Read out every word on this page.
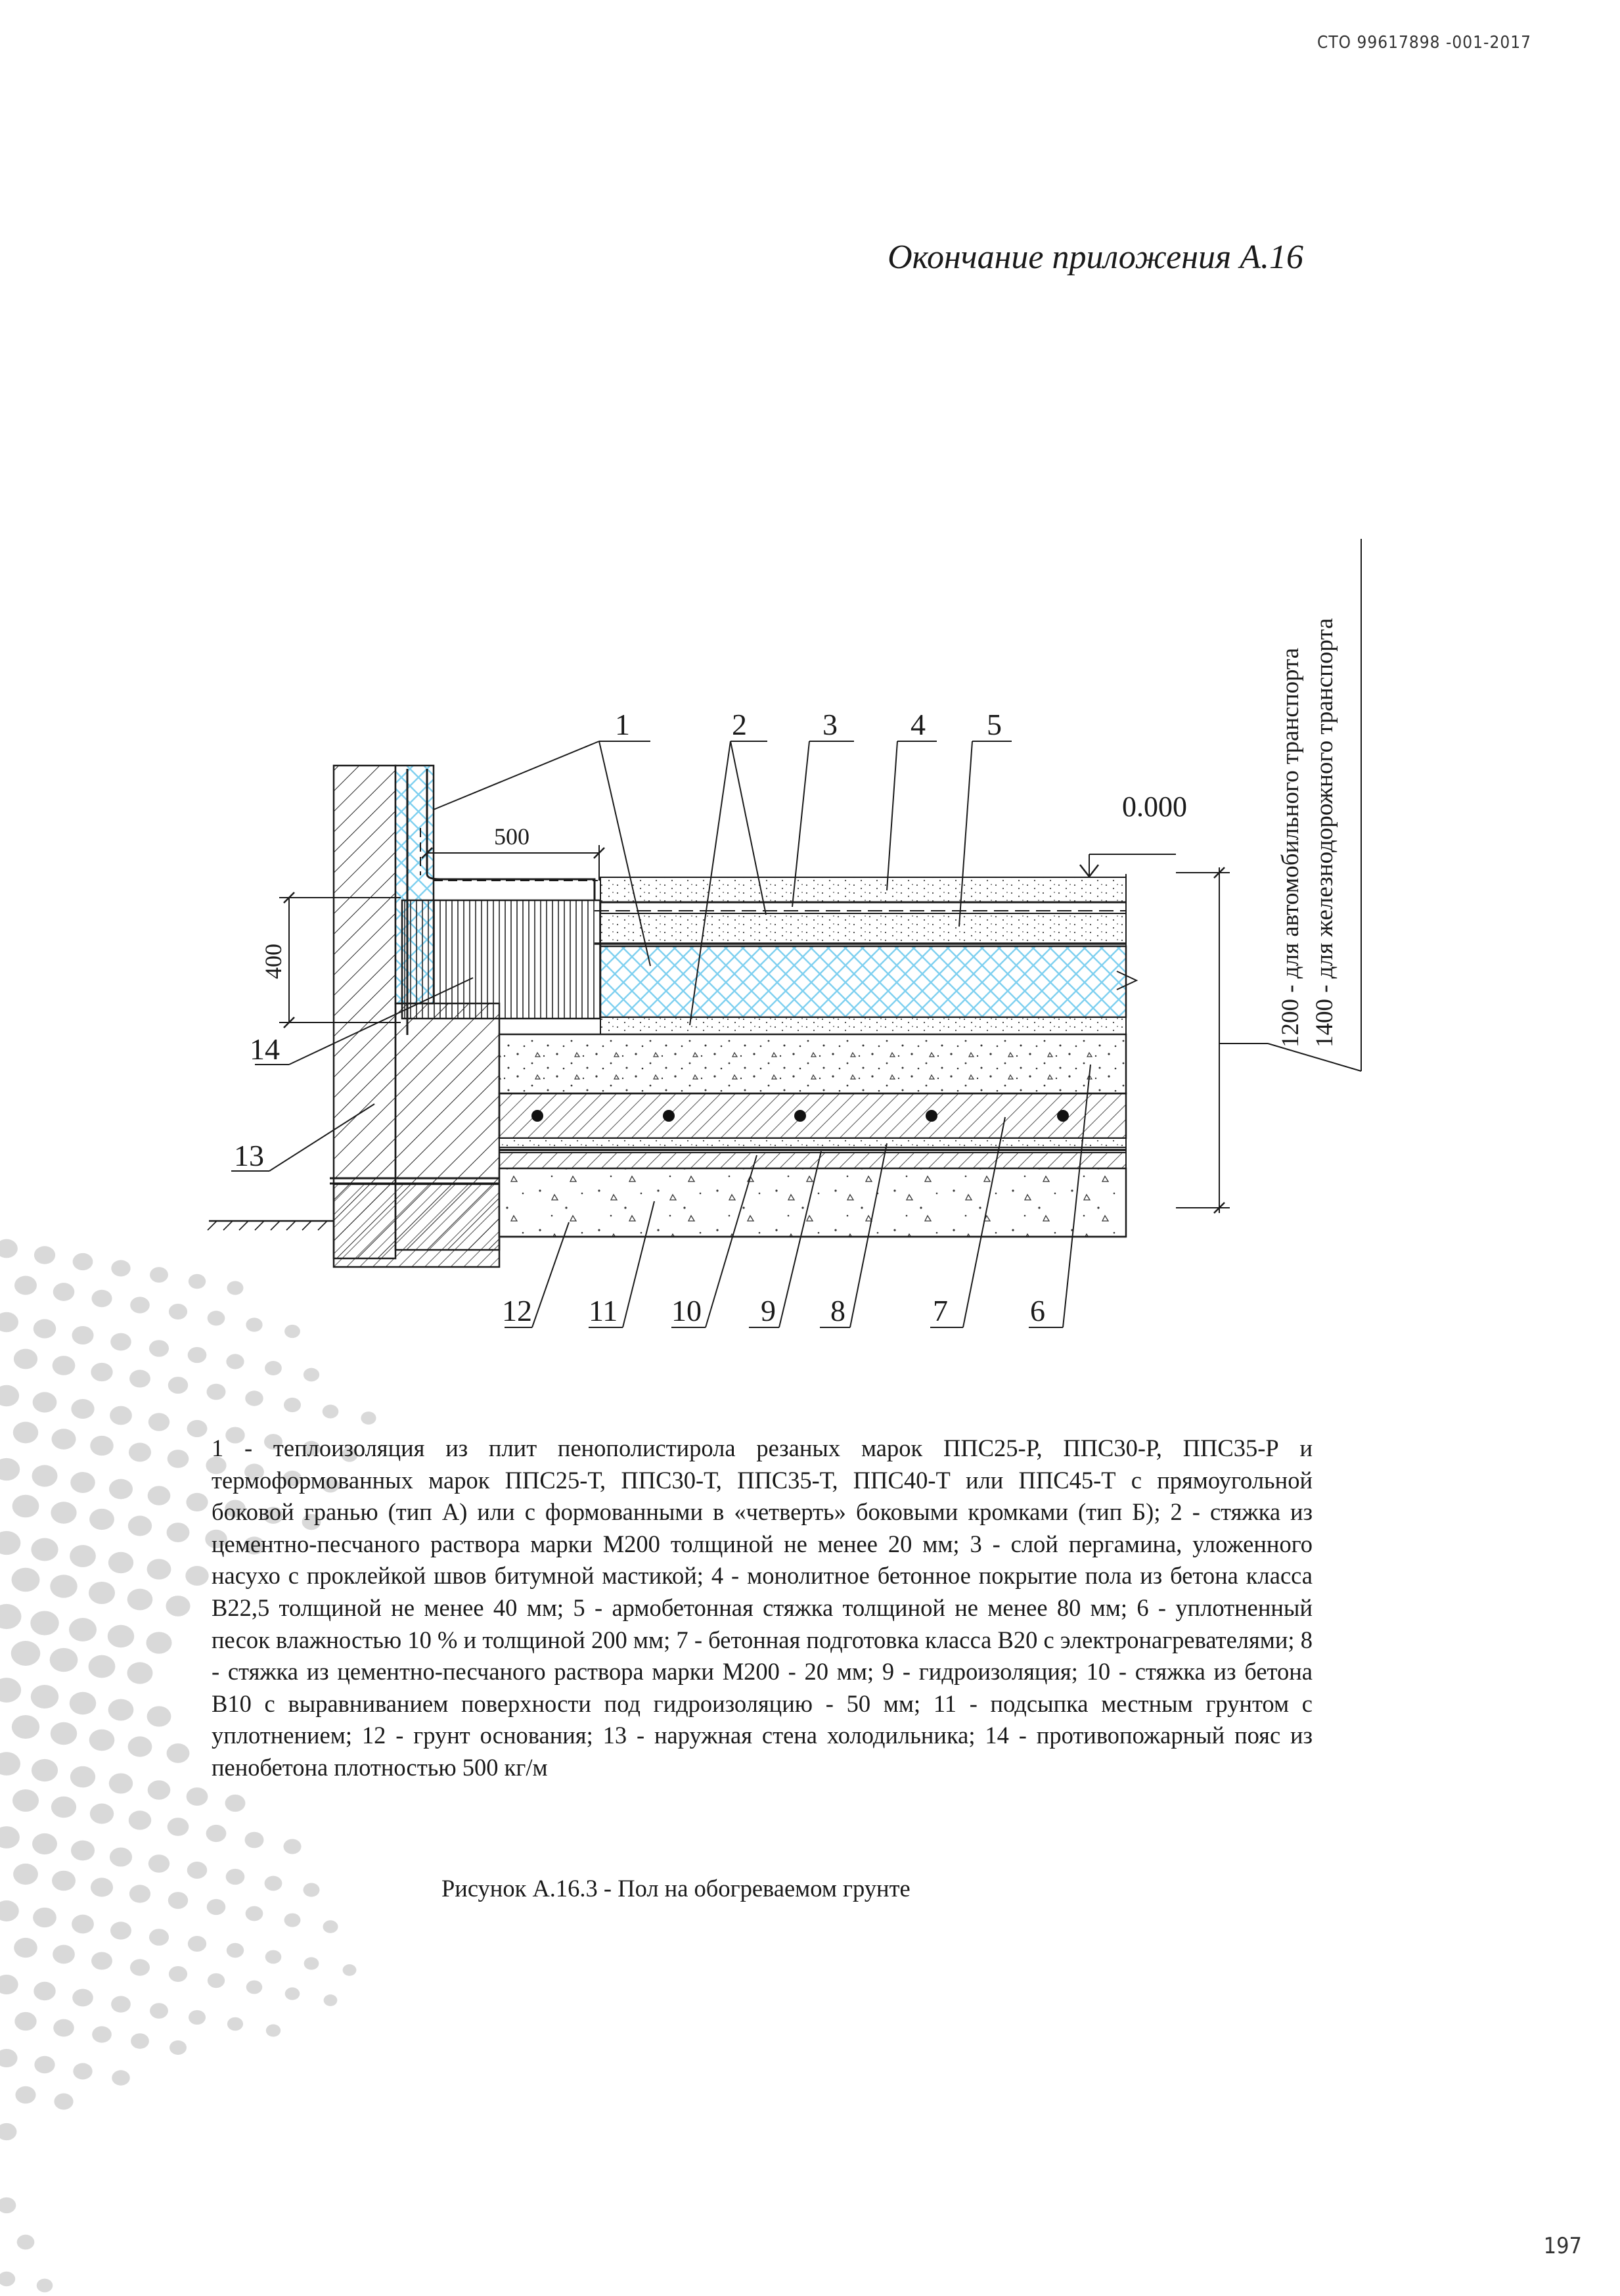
СТО 99617898 -001-2017
Окончание приложения А.16
500
400
0.000	1200 - для автомобильного транспорта 1400 - для железнодорожного транспорта
1	2	3 4 5
14
13
12 11 10 9 8	7	6
1 - теплоизоляция из плит пенополистирола резаных марок ППС25-Р, ППС30-Р, ППС35-Р и термоформованных марок ППС25-Т, ППС30-Т, ППС35-Т, ППС40-Т или ППС45-Т с прямоугольной боковой гранью (тип А) или с формованными в «четверть» боковыми кромками (тип Б); 2 - стяжка из цементно-песчаного раствора марки М200 толщиной не менее 20 мм; 3 - слой пергамина, уложенного насухо с проклейкой швов битумной мастикой; 4 - монолитное бетонное покрытие пола из бетона класса В22,5 толщиной не менее 40 мм; 5 - армобетонная стяжка толщиной не менее 80 мм; 6 - уплотненный песок влажностью 10 % и толщиной 200 мм; 7 - бетонная подготовка класса В20 с электронагревателями; 8 - стяжка из цементно-песчаного раствора марки М200 - 20 мм; 9 - гидроизоляция; 10 - стяжка из бетона В10 с выравниванием поверхности под гидроизоляцию - 50 мм; 11 - подсыпка местным грунтом с уплотнением; 12 - грунт основания; 13 - наружная стена холодильника; 14 - противопожарный пояс из пенобетона плотностью 500 кг/м
Рисунок А.16.3 - Пол на обогреваемом грунте
197
